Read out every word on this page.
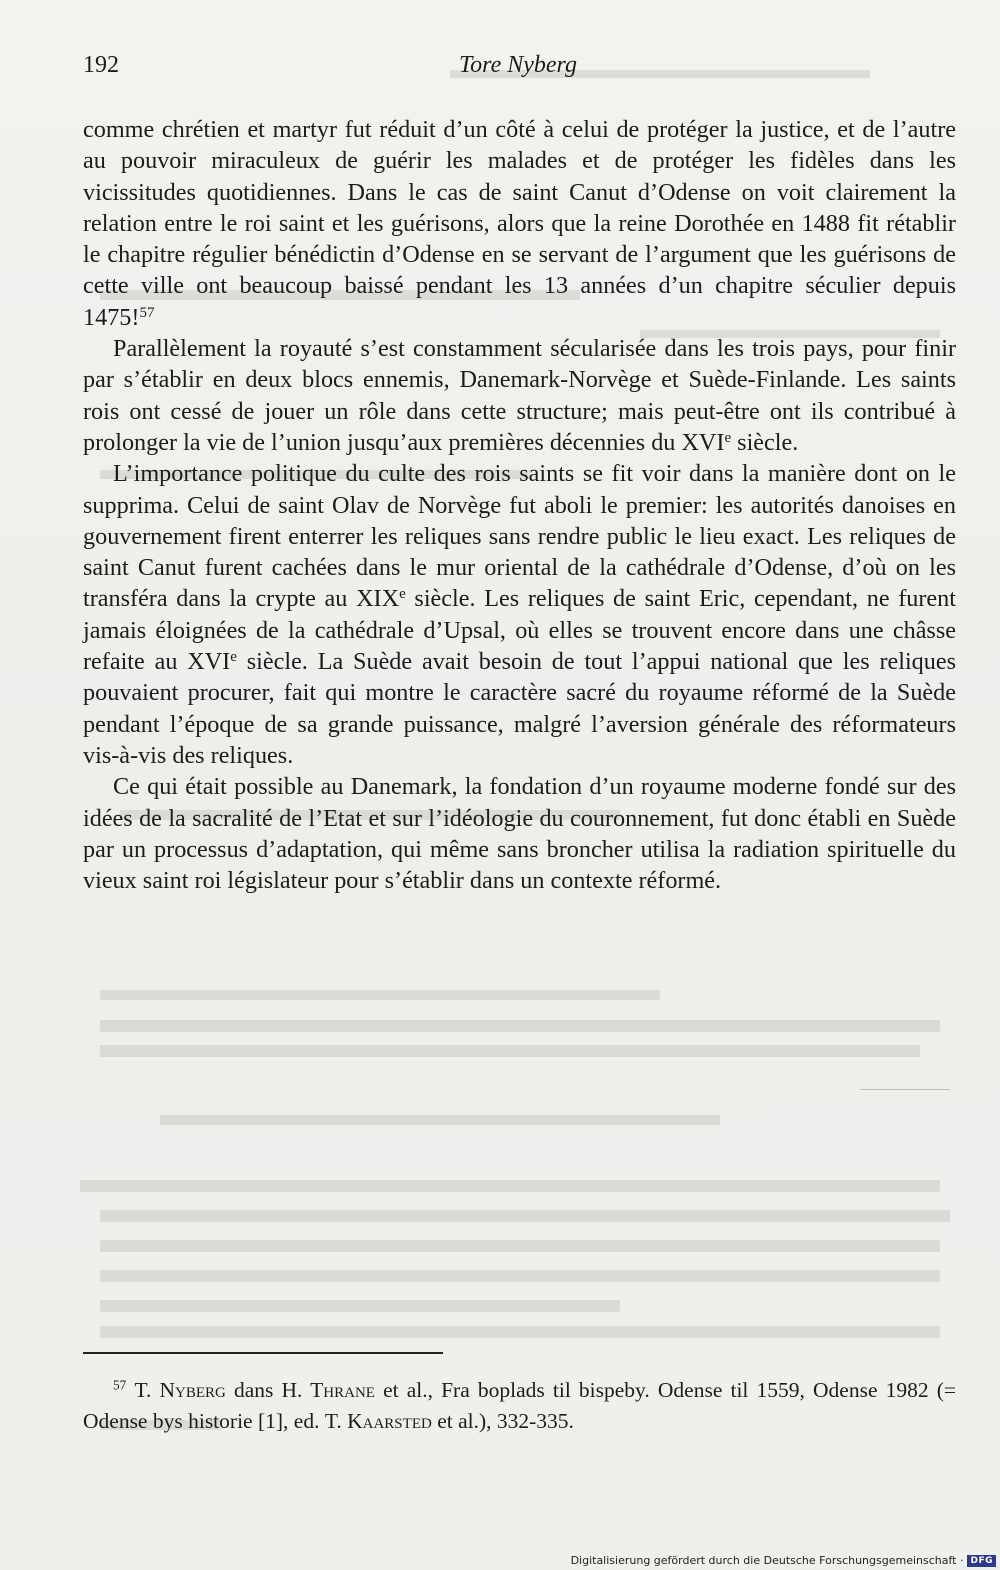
192	Tore Nyberg

comme chrétien et martyr fut réduit d’un côté à celui de protéger la justice, et de l’autre au pouvoir miraculeux de guérir les malades et de protéger les fidèles dans les vicissitudes quotidiennes. Dans le cas de saint Canut d’Odense on voit clairement la relation entre le roi saint et les guérisons, alors que la reine Dorothée en 1488 fit rétablir le chapitre régulier bénédictin d’Odense en se servant de l’argument que les guérisons de cette ville ont beaucoup baissé pendant les 13 années d’un chapitre séculier depuis 1475!$^{57}$

Parallèlement la royauté s’est constamment sécularisée dans les trois pays, pour finir par s’établir en deux blocs ennemis, Danemark-Norvège et Suède-Finlande. Les saints rois ont cessé de jouer un rôle dans cette structure; mais peut-être ont ils contribué à prolonger la vie de l’union jusqu’aux premières décennies du XVIe siècle.

L’importance politique du culte des rois saints se fit voir dans la manière dont on le supprima. Celui de saint Olav de Norvège fut aboli le premier: les autorités danoises en gouvernement firent enterrer les reliques sans rendre public le lieu exact. Les reliques de saint Canut furent cachées dans le mur oriental de la cathédrale d’Odense, d’où on les transféra dans la crypte au XIXe siècle. Les reliques de saint Eric, cependant, ne furent jamais éloignées de la cathédrale d’Upsal, où elles se trouvent encore dans une châsse refaite au XVIe siècle. La Suède avait besoin de tout l’appui national que les reliques pouvaient procurer, fait qui montre le caractère sacré du royaume réformé de la Suède pendant l’époque de sa grande puissance, malgré l’aversion générale des réformateurs vis-à-vis des reliques.

Ce qui était possible au Danemark, la fondation d’un royaume moderne fondé sur des idées de la sacralité de l’Etat et sur l’idéologie du couronnement, fut donc établi en Suède par un processus d’adaptation, qui même sans broncher utilisa la radiation spirituelle du vieux saint roi législateur pour s’établir dans un contexte réformé.

$^{57}$ T. Nyberg dans H. Thrane et al., Fra boplads til bispeby. Odense til 1559, Odense 1982 (= Odense bys historie [1], ed. T. Kaarsted et al.), 332-335.

Digitalisierung gefördert durch die Deutsche Forschungsgemeinschaft · DFG
